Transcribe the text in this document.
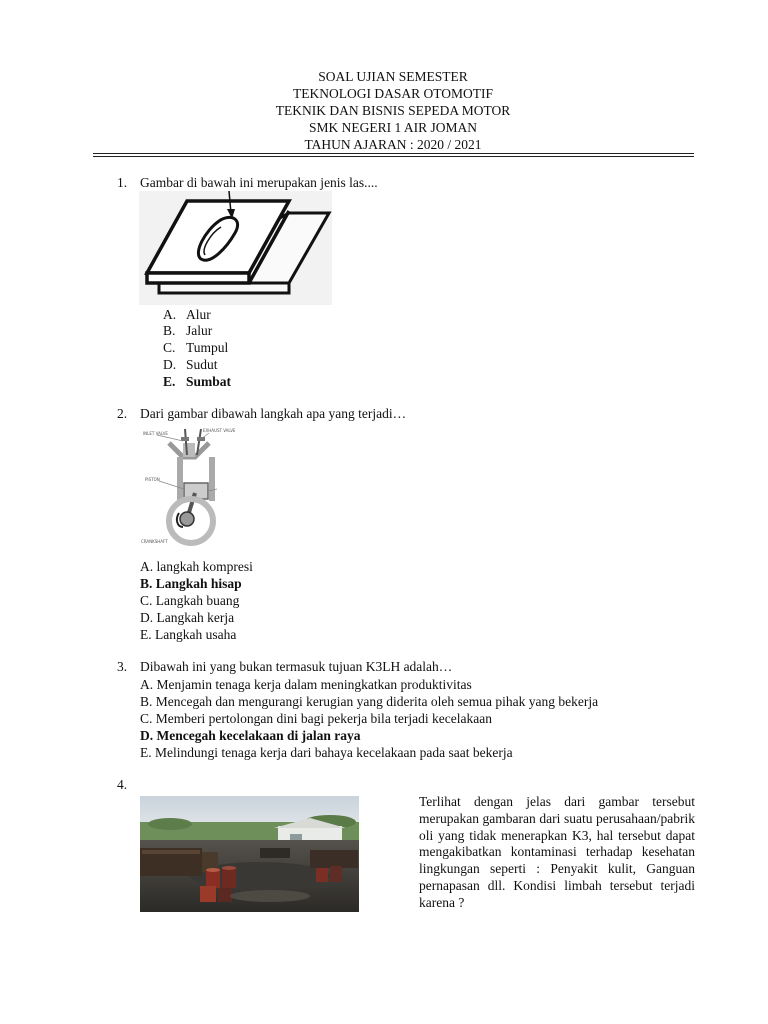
SOAL UJIAN SEMESTER
TEKNOLOGI DASAR OTOMOTIF
TEKNIK DAN BISNIS SEPEDA MOTOR
SMK NEGERI 1 AIR JOMAN
TAHUN AJARAN : 2020 / 2021
1. Gambar di bawah ini merupakan jenis las....
A. Alur
B. Jalur
C. Tumpul
D. Sudut
E. Sumbat
2. Dari gambar dibawah langkah apa yang terjadi…
INLET VALVE
EXHAUST VALVE
PISTON
CRANKSHAFT
A. langkah kompresi
B. Langkah hisap
C. Langkah buang
D. Langkah kerja
E. Langkah usaha
3. Dibawah ini yang bukan termasuk tujuan K3LH adalah…
A. Menjamin tenaga kerja dalam meningkatkan produktivitas
B. Mencegah dan mengurangi kerugian yang diderita oleh semua pihak yang bekerja
C. Memberi pertolongan dini bagi pekerja bila terjadi kecelakaan
D. Mencegah kecelakaan di jalan raya
E. Melindungi tenaga kerja dari bahaya kecelakaan pada saat bekerja
4.
Terlihat dengan jelas dari gambar tersebut merupakan gambaran dari suatu perusahaan/pabrik oli yang tidak menerapkan K3, hal tersebut dapat mengakibatkan kontaminasi terhadap kesehatan lingkungan seperti : Penyakit kulit, Ganguan pernapasan dll. Kondisi limbah tersebut terjadi karena ?
